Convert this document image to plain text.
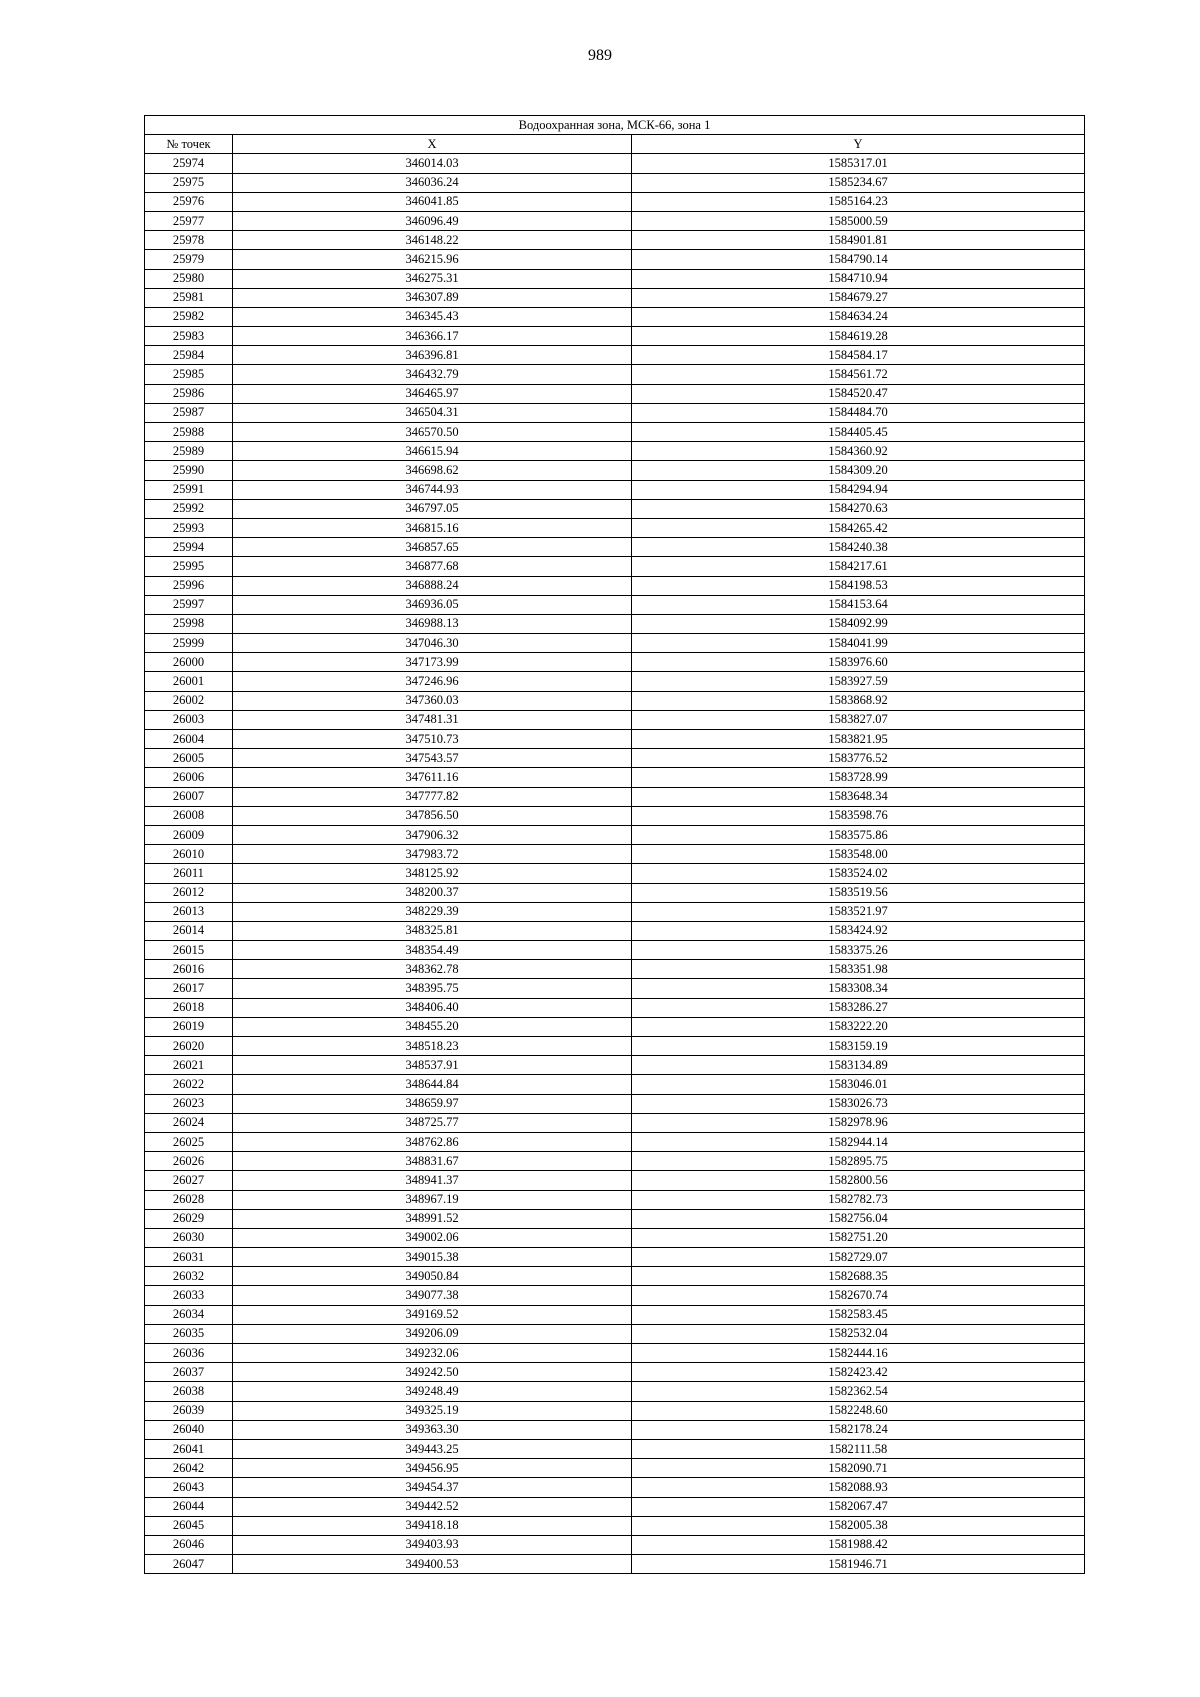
989
Водоохранная зона, МСК-66, зона 1		
№ точек	X	Y
25974	346014.03	1585317.01
25975	346036.24	1585234.67
25976	346041.85	1585164.23
25977	346096.49	1585000.59
25978	346148.22	1584901.81
25979	346215.96	1584790.14
25980	346275.31	1584710.94
25981	346307.89	1584679.27
25982	346345.43	1584634.24
25983	346366.17	1584619.28
25984	346396.81	1584584.17
25985	346432.79	1584561.72
25986	346465.97	1584520.47
25987	346504.31	1584484.70
25988	346570.50	1584405.45
25989	346615.94	1584360.92
25990	346698.62	1584309.20
25991	346744.93	1584294.94
25992	346797.05	1584270.63
25993	346815.16	1584265.42
25994	346857.65	1584240.38
25995	346877.68	1584217.61
25996	346888.24	1584198.53
25997	346936.05	1584153.64
25998	346988.13	1584092.99
25999	347046.30	1584041.99
26000	347173.99	1583976.60
26001	347246.96	1583927.59
26002	347360.03	1583868.92
26003	347481.31	1583827.07
26004	347510.73	1583821.95
26005	347543.57	1583776.52
26006	347611.16	1583728.99
26007	347777.82	1583648.34
26008	347856.50	1583598.76
26009	347906.32	1583575.86
26010	347983.72	1583548.00
26011	348125.92	1583524.02
26012	348200.37	1583519.56
26013	348229.39	1583521.97
26014	348325.81	1583424.92
26015	348354.49	1583375.26
26016	348362.78	1583351.98
26017	348395.75	1583308.34
26018	348406.40	1583286.27
26019	348455.20	1583222.20
26020	348518.23	1583159.19
26021	348537.91	1583134.89
26022	348644.84	1583046.01
26023	348659.97	1583026.73
26024	348725.77	1582978.96
26025	348762.86	1582944.14
26026	348831.67	1582895.75
26027	348941.37	1582800.56
26028	348967.19	1582782.73
26029	348991.52	1582756.04
26030	349002.06	1582751.20
26031	349015.38	1582729.07
26032	349050.84	1582688.35
26033	349077.38	1582670.74
26034	349169.52	1582583.45
26035	349206.09	1582532.04
26036	349232.06	1582444.16
26037	349242.50	1582423.42
26038	349248.49	1582362.54
26039	349325.19	1582248.60
26040	349363.30	1582178.24
26041	349443.25	1582111.58
26042	349456.95	1582090.71
26043	349454.37	1582088.93
26044	349442.52	1582067.47
26045	349418.18	1582005.38
26046	349403.93	1581988.42
26047	349400.53	1581946.71
